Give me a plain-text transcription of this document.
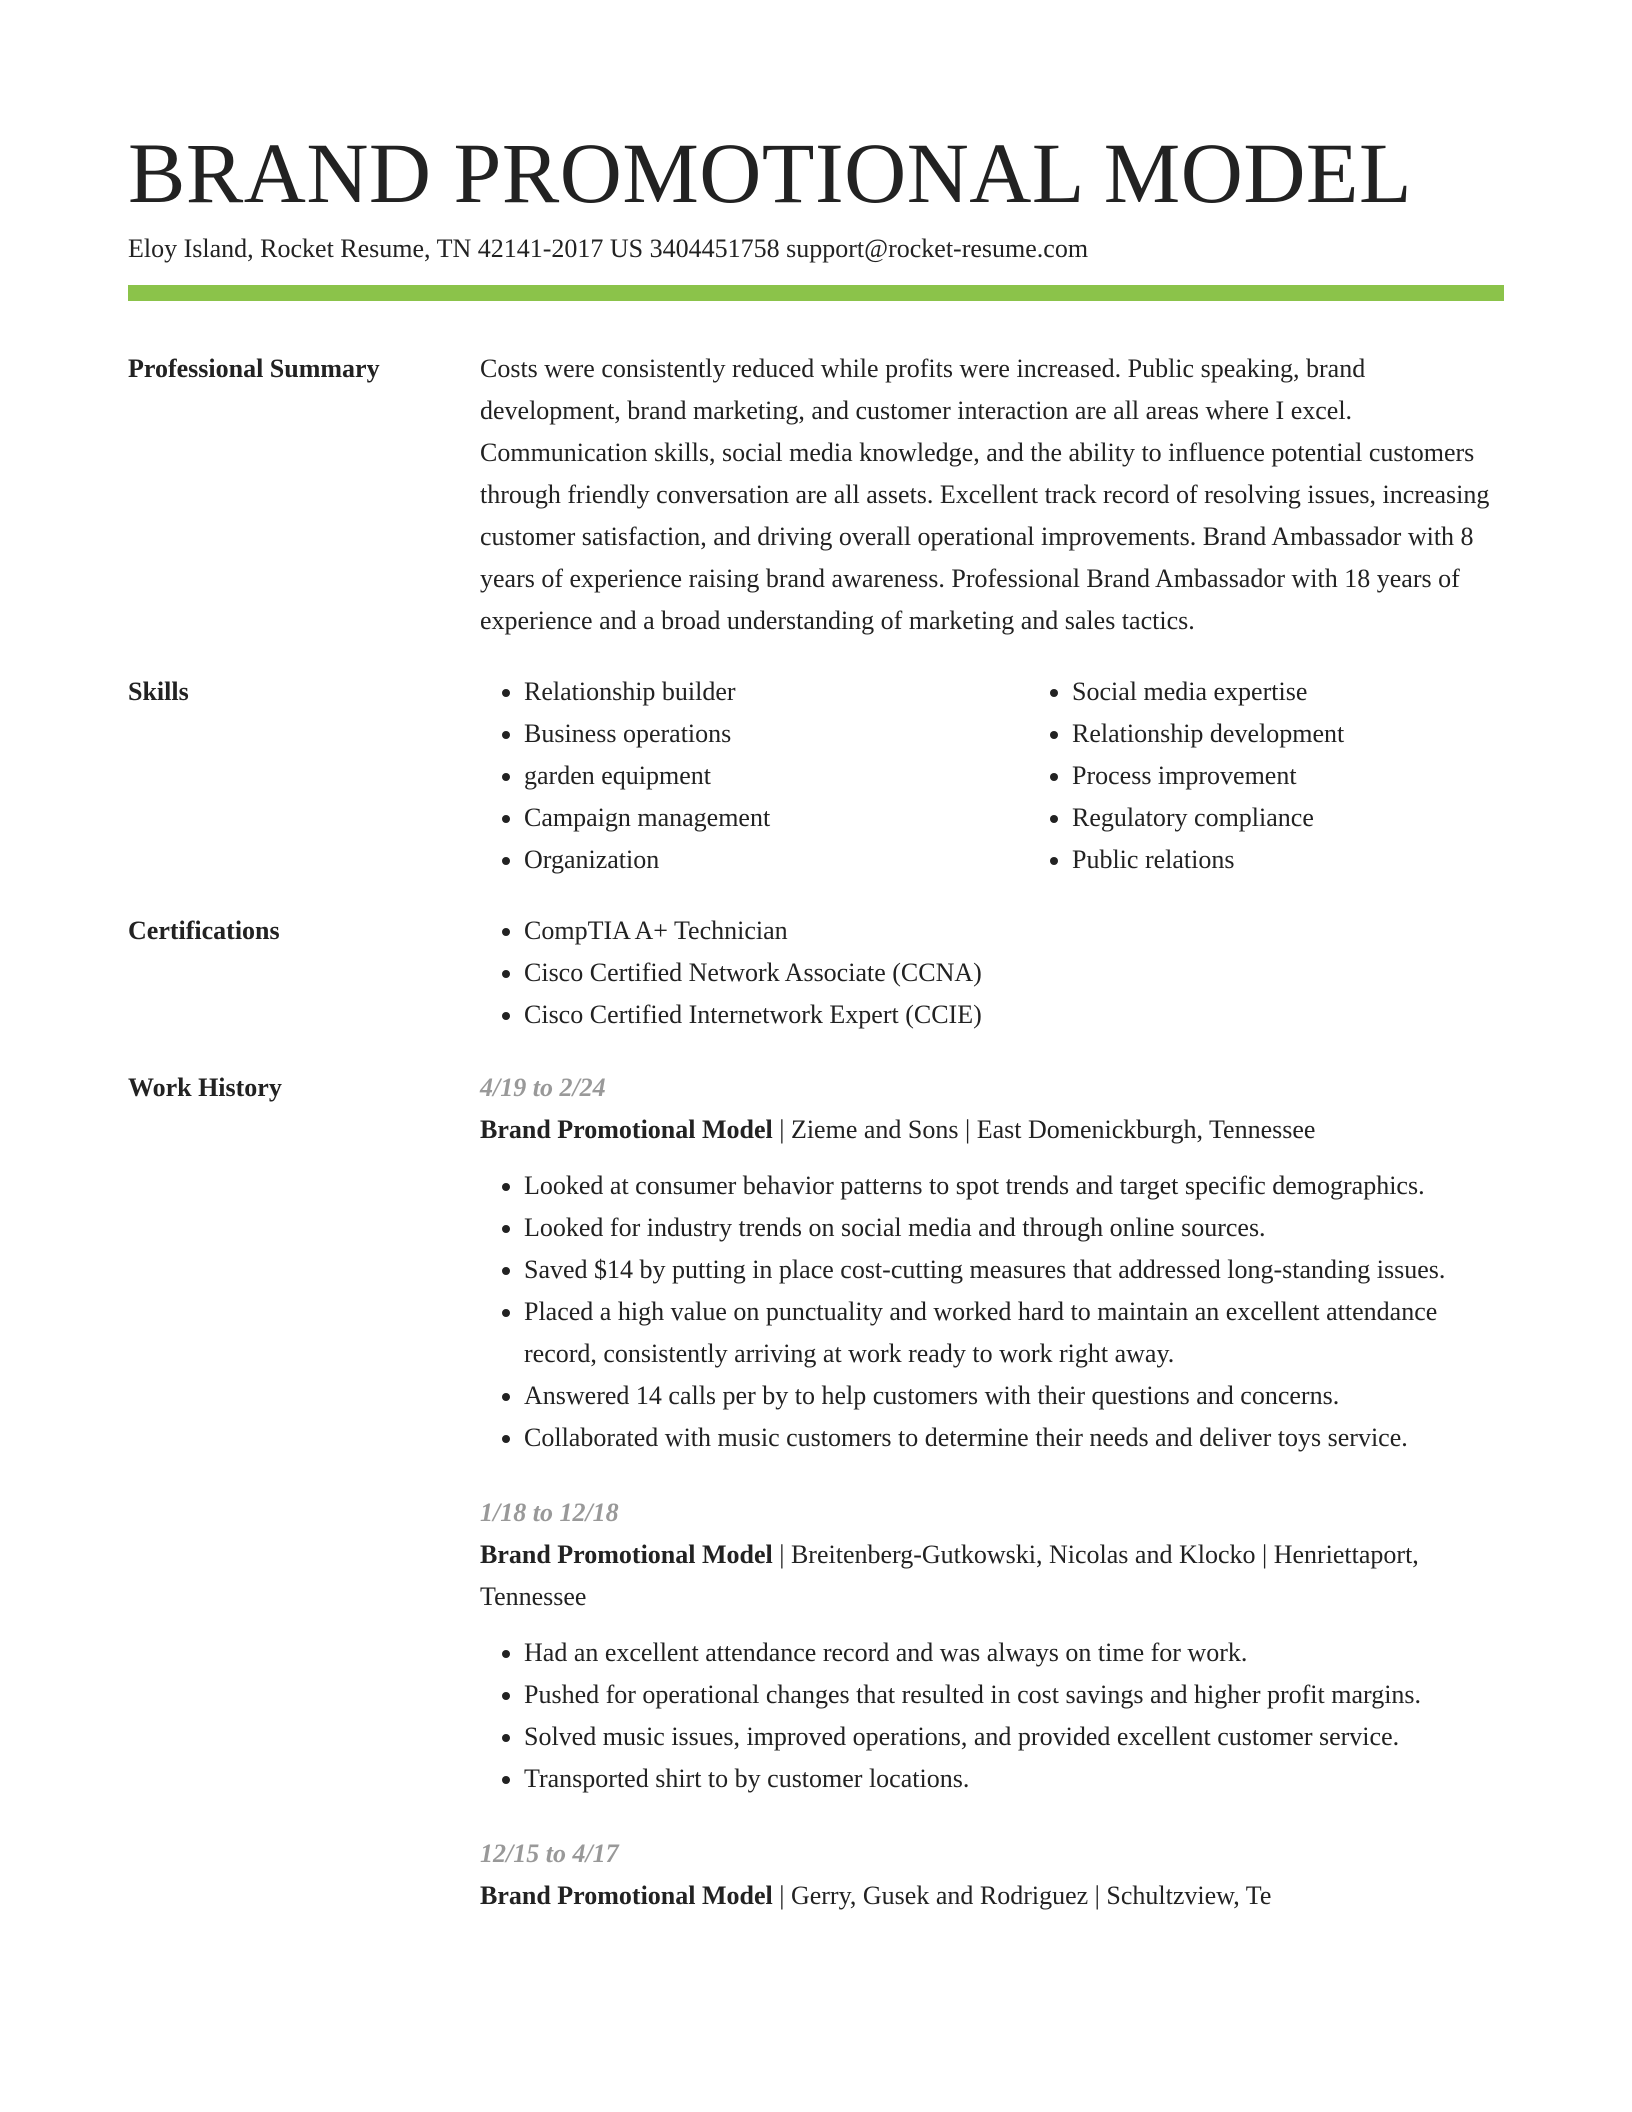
BRAND PROMOTIONAL MODEL
Eloy Island, Rocket Resume, TN 42141-2017 US 3404451758 support@rocket-resume.com
Professional Summary	Costs were consistently reduced while profits were increased. Public speaking, brand development, brand marketing, and customer interaction are all areas where I excel. Communication skills, social media knowledge, and the ability to influence potential customers through friendly conversation are all assets. Excellent track record of resolving issues, increasing customer satisfaction, and driving overall operational improvements. Brand Ambassador with 8 years of experience raising brand awareness. Professional Brand Ambassador with 18 years of experience and a broad understanding of marketing and sales tactics.

Skills	• Relationship builder
• Business operations
• garden equipment
• Campaign management
• Organization
• Social media expertise
• Relationship development
• Process improvement
• Regulatory compliance
• Public relations
Certifications	• CompTIA A+ Technician
• Cisco Certified Network Associate (CCNA)
• Cisco Certified Internetwork Expert (CCIE)
Work History	4/19 to 2/24
Brand Promotional Model | Zieme and Sons | East Domenickburgh, Tennessee
• Looked at consumer behavior patterns to spot trends and target specific demographics.
• Looked for industry trends on social media and through online sources.
• Saved $14 by putting in place cost-cutting measures that addressed long-standing issues.
• Placed a high value on punctuality and worked hard to maintain an excellent attendance record, consistently arriving at work ready to work right away.
• Answered 14 calls per by to help customers with their questions and concerns.
• Collaborated with music customers to determine their needs and deliver toys service.
1/18 to 12/18
Brand Promotional Model | Breitenberg-Gutkowski, Nicolas and Klocko | Henriettaport, Tennessee
• Had an excellent attendance record and was always on time for work.
• Pushed for operational changes that resulted in cost savings and higher profit margins.
• Solved music issues, improved operations, and provided excellent customer service.
• Transported shirt to by customer locations.
12/15 to 4/17
Brand Promotional Model | Gerry, Gusek and Rodriguez | Schultzview, Te
